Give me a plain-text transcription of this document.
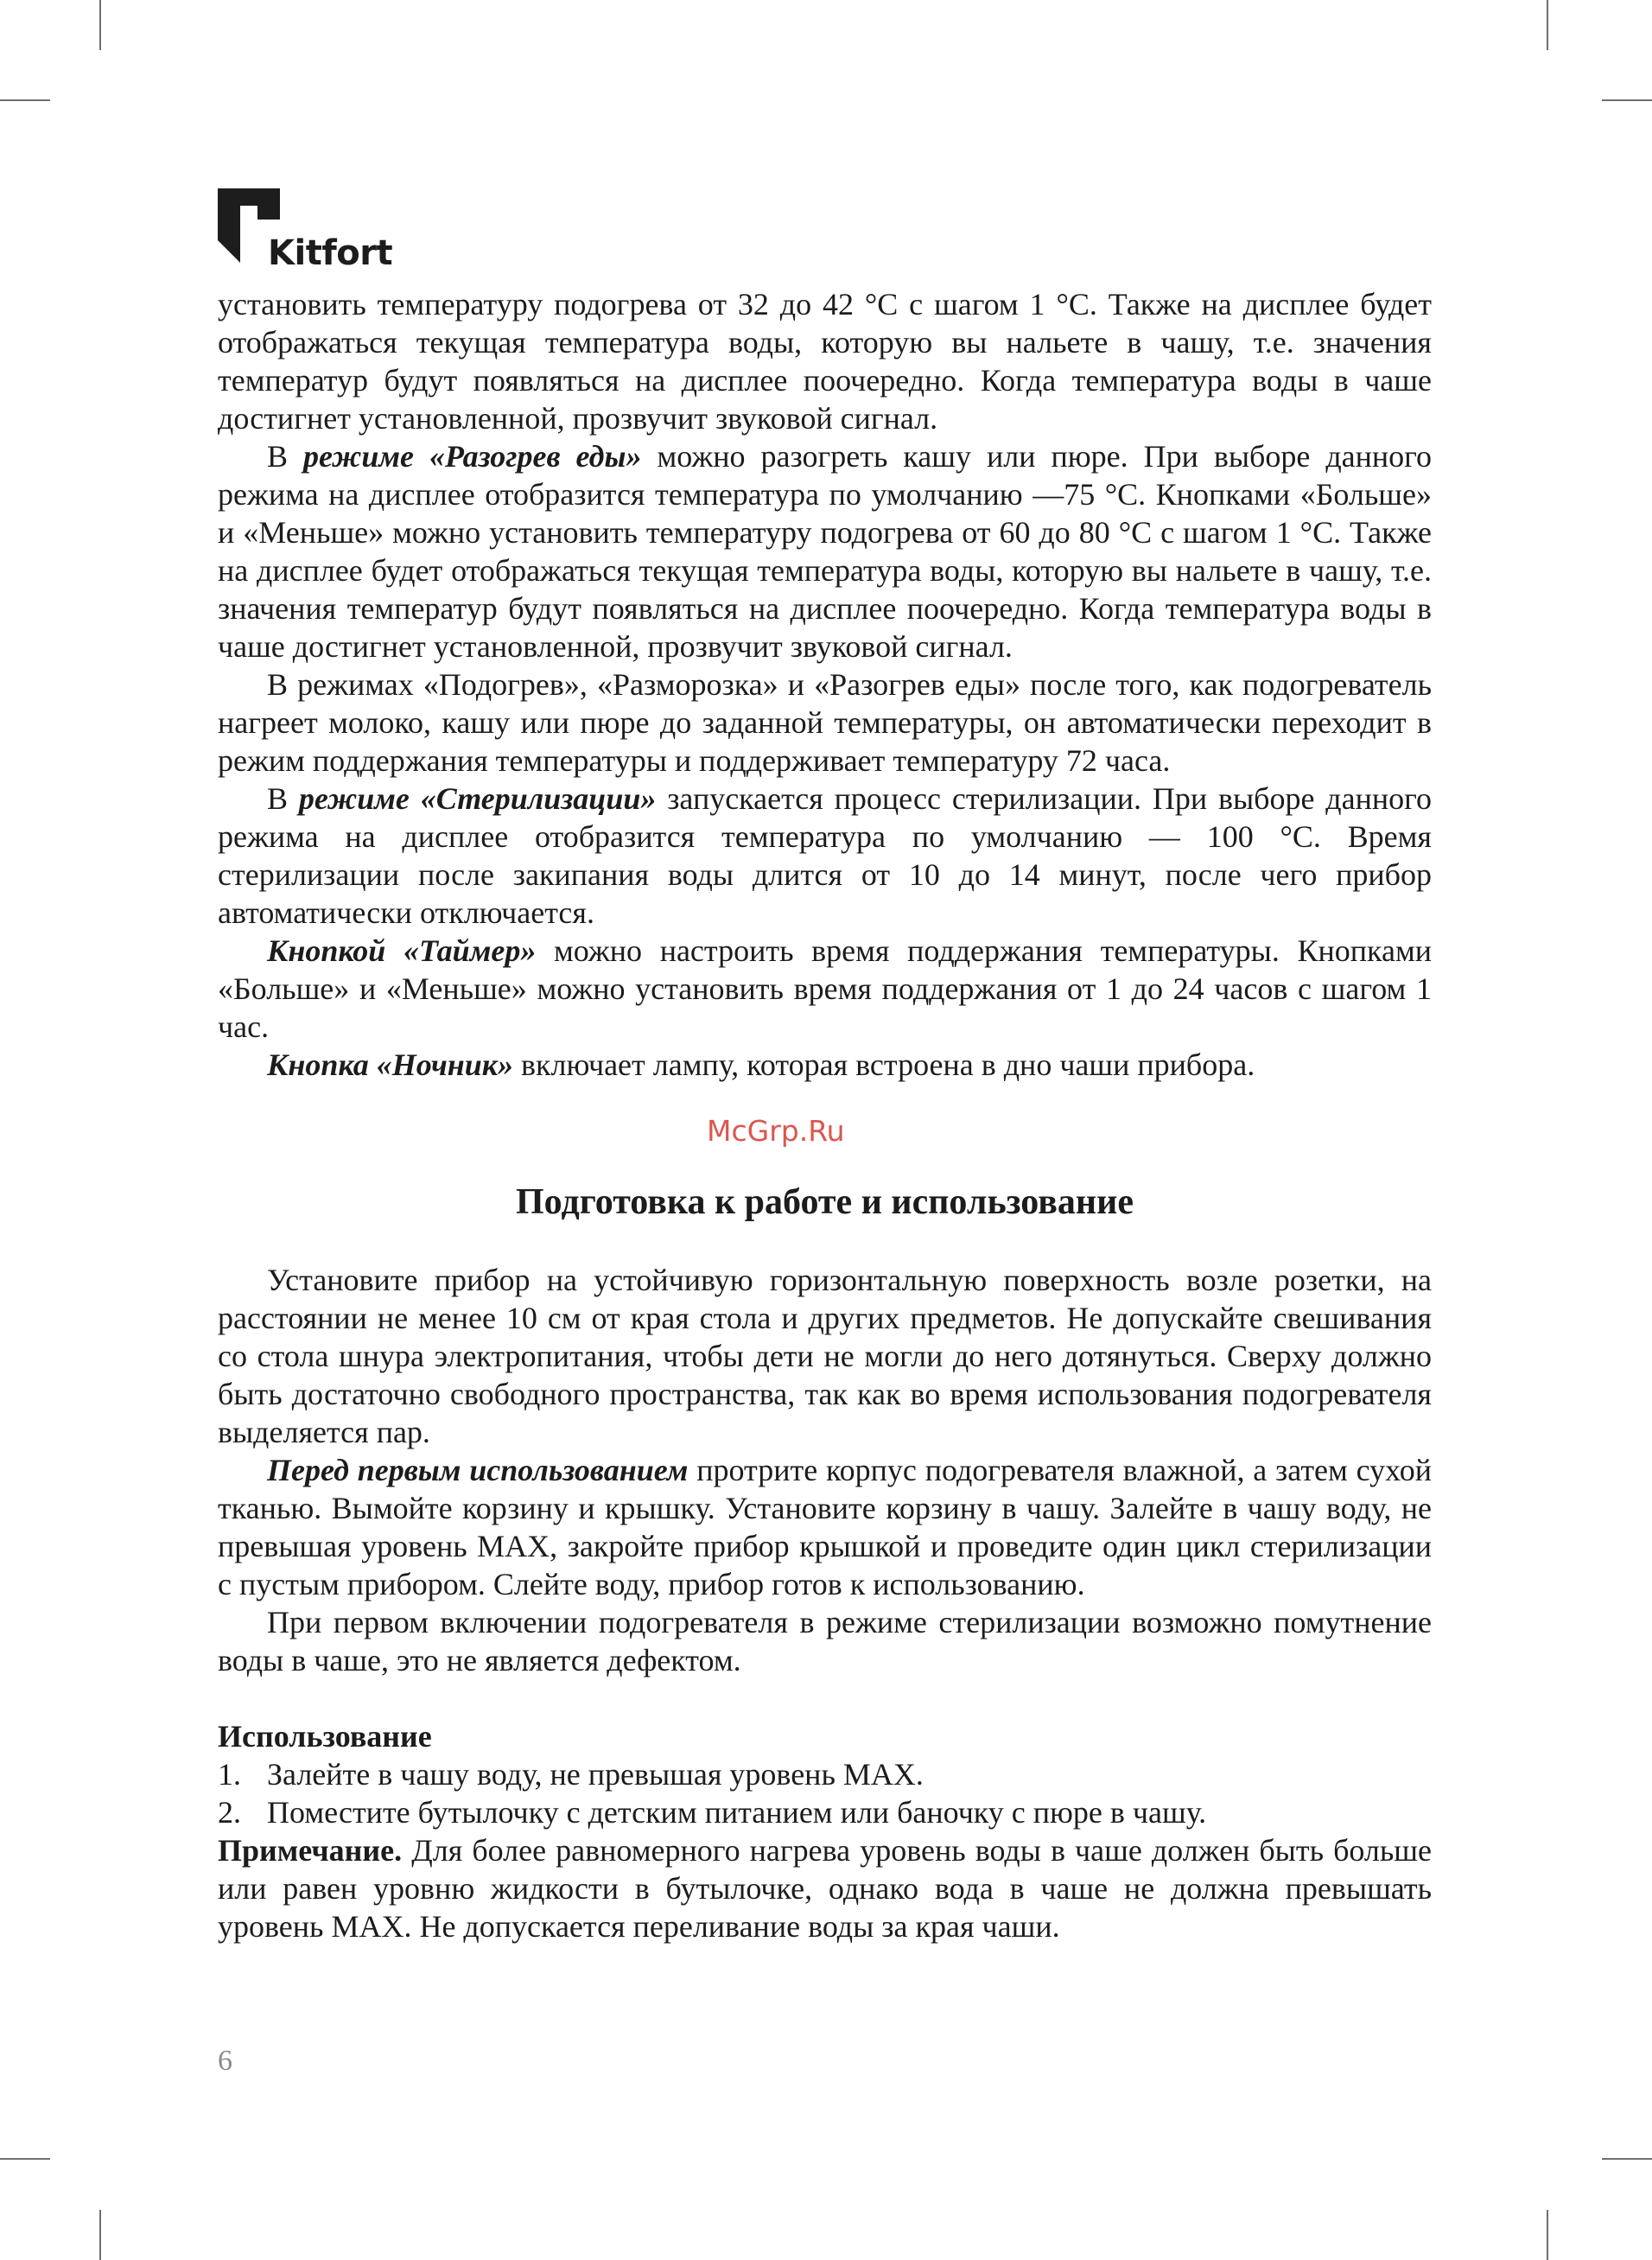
Kitfort

установить температуру подогрева от 32 до 42 °С с шагом 1 °С. Также на дисплее будет отображаться текущая температура воды, которую вы нальете в чашу, т.е. значения температур будут появляться на дисплее поочередно. Когда температура воды в чаше достигнет установленной, прозвучит звуковой сигнал.

В режиме «Разогрев еды» можно разогреть кашу или пюре. При выборе данного режима на дисплее отобразится температура по умолчанию —75 °С. Кнопками «Больше» и «Меньше» можно установить температуру подогрева от 60 до 80 °С с шагом 1 °С. Также на дисплее будет отображаться текущая температура воды, которую вы нальете в чашу, т.е. значения температур будут появляться на дисплее поочередно. Когда температура воды в чаше достигнет установленной, прозвучит звуковой сигнал.

В режимах «Подогрев», «Разморозка» и «Разогрев еды» после того, как подогреватель нагреет молоко, кашу или пюре до заданной температуры, он автоматически переходит в режим поддержания температуры и поддерживает температуру 72 часа.

В режиме «Стерилизации» запускается процесс стерилизации. При выборе данного режима на дисплее отобразится температура по умолчанию — 100 °С. Время стерилизации после закипания воды длится от 10 до 14 минут, после чего прибор автоматически отключается.

Кнопкой «Таймер» можно настроить время поддержания температуры. Кнопками «Больше» и «Меньше» можно установить время поддержания от 1 до 24 часов с шагом 1 час.

Кнопка «Ночник» включает лампу, которая встроена в дно чаши прибора.

Подготовка к работе и использование

Установите прибор на устойчивую горизонтальную поверхность возле розетки, на расстоянии не менее 10 см от края стола и других предметов. Не допускайте свешивания со стола шнура электропитания, чтобы дети не могли до него дотянуться. Сверху должно быть достаточно свободного пространства, так как во время использования подогревателя выделяется пар.

Перед первым использованием протрите корпус подогревателя влажной, а затем сухой тканью. Вымойте корзину и крышку. Установите корзину в чашу. Залейте в чашу воду, не превышая уровень MAX, закройте прибор крышкой и проведите один цикл стерилизации с пустым прибором. Слейте воду, прибор готов к использованию.

При первом включении подогревателя в режиме стерилизации возможно помутнение воды в чаше, это не является дефектом.

Использование

1. Залейте в чашу воду, не превышая уровень MAX.
2. Поместите бутылочку с детским питанием или баночку с пюре в чашу.

Примечание. Для более равномерного нагрева уровень воды в чаше должен быть больше или равен уровню жидкости в бутылочке, однако вода в чаше не должна превышать уровень MAX. Не допускается переливание воды за края чаши.

McGrp.Ru
6
